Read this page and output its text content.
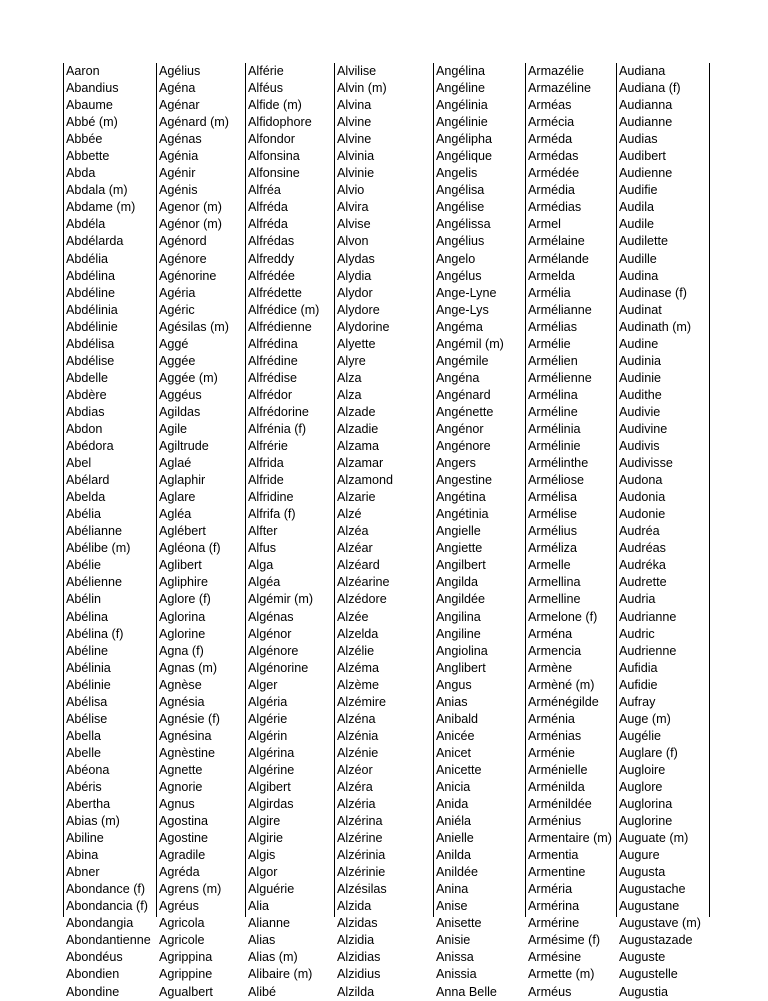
Aaron
Abandius
Abaume
Abbé (m)
Abbée
Abbette
Abda
Abdala (m)
Abdame (m)
Abdéla
Abdélarda
Abdélia
Abdélina
Abdéline
Abdélinia
Abdélinie
Abdélisa
Abdélise
Abdelle
Abdère
Abdias
Abdon
Abédora
Abel
Abélard
Abelda
Abélia
Abélianne
Abélibe (m)
Abélie
Abélienne
Abélin
Abélina
Abélina (f)
Abéline
Abélinia
Abélinie
Abélisa
Abélise
Abella
Abelle
Abéona
Abéris
Abertha
Abias (m)
Abiline
Abina
Abner
Abondance (f)
Abondancia (f)
Abondangia
Abondantienne
Abondéus
Abondien
Abondine
Agélius
Agéna
Agénar
Agénard (m)
Agénas
Agénia
Agénir
Agénis
Agenor (m)
Agénor (m)
Agénord
Agénore
Agénorine
Agéria
Agéric
Agésilas (m)
Aggé
Aggée
Aggée (m)
Aggéus
Agildas
Agile
Agiltrude
Aglaé
Aglaphir
Aglare
Agléa
Aglébert
Agléona (f)
Aglibert
Agliphire
Aglore (f)
Aglorina
Aglorine
Agna (f)
Agnas (m)
Agnèse
Agnésia
Agnésie (f)
Agnésina
Agnèstine
Agnette
Agnorie
Agnus
Agostina
Agostine
Agradile
Agréda
Agrens (m)
Agréus
Agricola
Agricole
Agrippina
Agrippine
Agualbert
Alférie
Alféus
Alfide (m)
Alfidophore
Alfondor
Alfonsina
Alfonsine
Alfréa
Alfréda
Alfréda
Alfrédas
Alfreddy
Alfrédée
Alfrédette
Alfrédice (m)
Alfrédienne
Alfrédina
Alfrédine
Alfrédise
Alfrédor
Alfrédorine
Alfrénia (f)
Alfrérie
Alfrida
Alfride
Alfridine
Alfrifa (f)
Alfter
Alfus
Alga
Algéa
Algémir (m)
Algénas
Algénor
Algénore
Algénorine
Alger
Algéria
Algérie
Algérin
Algérina
Algérine
Algibert
Algirdas
Algire
Algirie
Algis
Algor
Alguérie
Alia
Alianne
Alias
Alias (m)
Alibaire (m)
Alibé
Alvilise
Alvin (m)
Alvina
Alvine
Alvine
Alvinia
Alvinie
Alvio
Alvira
Alvise
Alvon
Alydas
Alydia
Alydor
Alydore
Alydorine
Alyette
Alyre
Alza
Alza
Alzade
Alzadie
Alzama
Alzamar
Alzamond
Alzarie
Alzé
Alzéa
Alzéar
Alzéard
Alzéarine
Alzédore
Alzée
Alzelda
Alzélie
Alzéma
Alzème
Alzémire
Alzéna
Alzénia
Alzénie
Alzéor
Alzéra
Alzéria
Alzérina
Alzérine
Alzérinia
Alzérinie
Alzésilas
Alzida
Alzidas
Alzidia
Alzidias
Alzidius
Alzilda
Angélina
Angéline
Angélinia
Angélinie
Angélipha
Angélique
Angelis
Angélisa
Angélise
Angélissa
Angélius
Angelo
Angélus
Ange-Lyne
Ange-Lys
Angéma
Angémil (m)
Angémile
Angéna
Angénard
Angénette
Angénor
Angénore
Angers
Angestine
Angétina
Angétinia
Angielle
Angiette
Angilbert
Angilda
Angildée
Angilina
Angiline
Angiolina
Anglibert
Angus
Anias
Anibald
Anicée
Anicet
Anicette
Anicia
Anida
Aniéla
Anielle
Anilda
Anildée
Anina
Anise
Anisette
Anisie
Anissa
Anissia
Anna Belle
Armazélie
Armazéline
Arméas
Armécia
Arméda
Armédas
Armédée
Armédia
Armédias
Armel
Armélaine
Armélande
Armelda
Armélia
Armélianne
Armélias
Armélie
Armélien
Armélienne
Armélina
Arméline
Armélinia
Armélinie
Armélinthe
Arméliose
Armélisa
Armélise
Armélius
Arméliza
Armelle
Armellina
Armelline
Armelone (f)
Arména
Armencia
Armène
Armèné (m)
Arménégilde
Arménia
Arménias
Arménie
Arménielle
Arménilda
Arménildée
Arménius
Armentaire (m)
Armentia
Armentine
Arméria
Armérina
Armérine
Armésime (f)
Armésine
Armette (m)
Arméus
Audiana
Audiana (f)
Audianna
Audianne
Audias
Audibert
Audienne
Audifie
Audila
Audile
Audilette
Audille
Audina
Audinase (f)
Audinat
Audinath (m)
Audine
Audinia
Audinie
Audithe
Audivie
Audivine
Audivis
Audivisse
Audona
Audonia
Audonie
Audréa
Audréas
Audréka
Audrette
Audria
Audrianne
Audric
Audrienne
Aufidia
Aufidie
Aufray
Auge (m)
Augélie
Auglare (f)
Augloire
Auglore
Auglorina
Auglorine
Auguate (m)
Augure
Augusta
Augustache
Augustane
Augustave (m)
Augustazade
Auguste
Augustelle
Augustia
